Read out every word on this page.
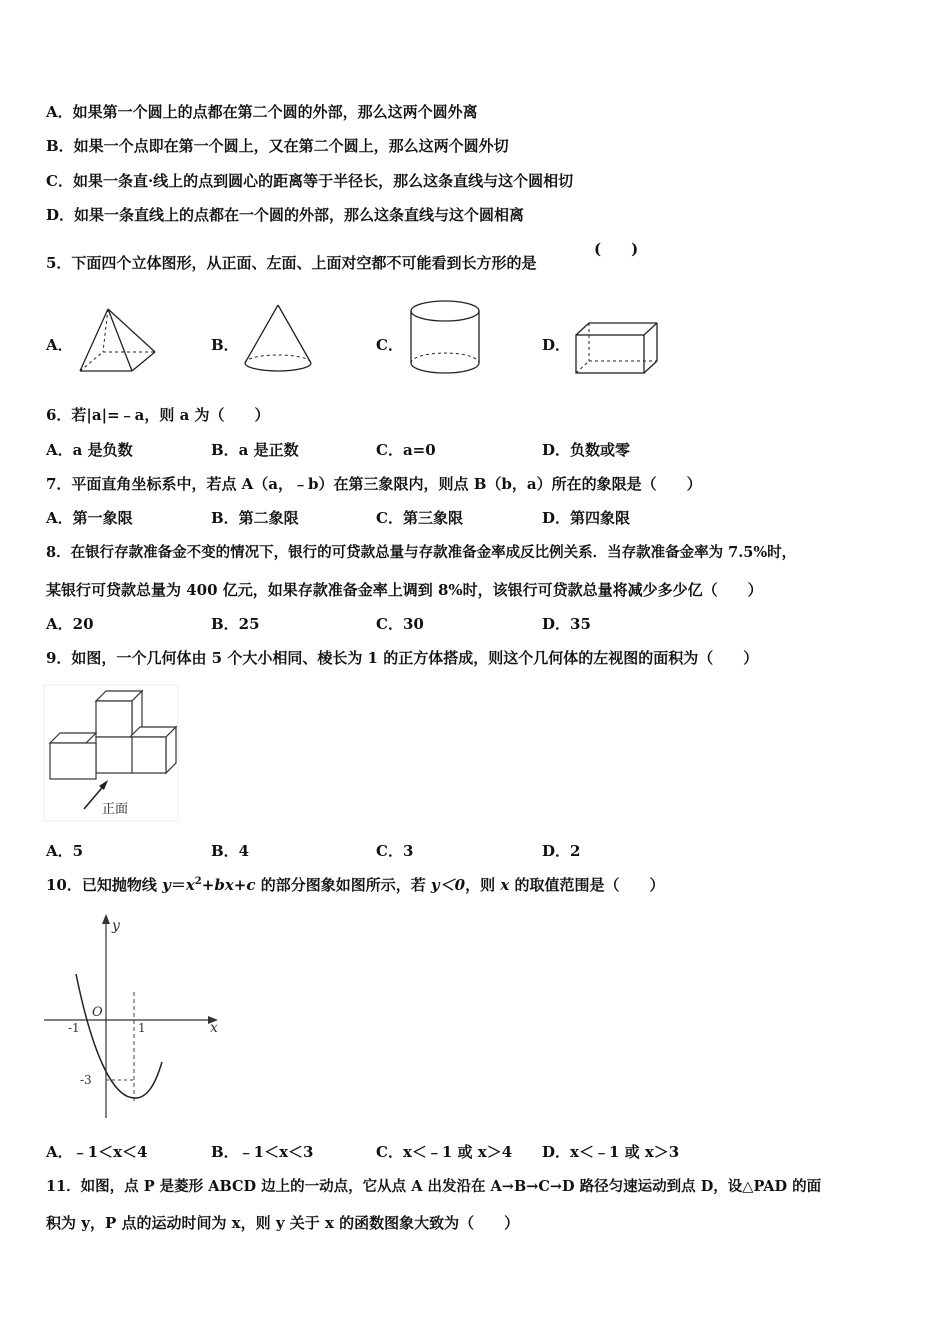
A．如果第一个圆上的点都在第二个圆的外部，那么这两个圆外离
B．如果一个点即在第一个圆上，又在第二个圆上，那么这两个圆外切
C．如果一条直·线上的点到圆心的距离等于半径长，那么这条直线与这个圆相切
D．如果一条直线上的点都在一个圆的外部，那么这条直线与这个圆相离
5．下面四个立体图形，从正面、左面、上面对空都不可能看到长方形的是
(　　)
A．	B．	C．	D．
6．若|a|=﹣a，则 a 为（　　）
A．a 是负数	B．a 是正数	C．a=0	D．负数或零
7．平面直角坐标系中，若点 A（a，﹣b）在第三象限内，则点 B（b，a）所在的象限是（　　）
A．第一象限	B．第二象限	C．第三象限	D．第四象限
8．在银行存款准备金不变的情况下，银行的可贷款总量与存款准备金率成反比例关系．当存款准备金率为 7.5%时，
某银行可贷款总量为 400 亿元，如果存款准备金率上调到 8%时，该银行可贷款总量将减少多少亿（　　）
A．20	B．25	C．30	D．35
9．如图，一个几何体由 5 个大小相同、棱长为 1 的正方体搭成，则这个几何体的左视图的面积为（　　）
正面
A．5	B．4	C．3	D．2
10．已知抛物线 $y=x^2+bx+c$ 的部分图象如图所示，若 y＜0，则 x 的取值范围是（　　）
y
x
O
-1	1
-3
A．﹣1＜x＜4	B．﹣1＜x＜3	C．x＜﹣1 或 x＞4 D．x＜﹣1 或 x＞3
11．如图，点 P 是菱形 ABCD 边上的一动点，它从点 A 出发沿在 A→B→C→D 路径匀速运动到点 D，设△PAD 的面
积为 y，P 点的运动时间为 x，则 y 关于 x 的函数图象大致为（　　）
